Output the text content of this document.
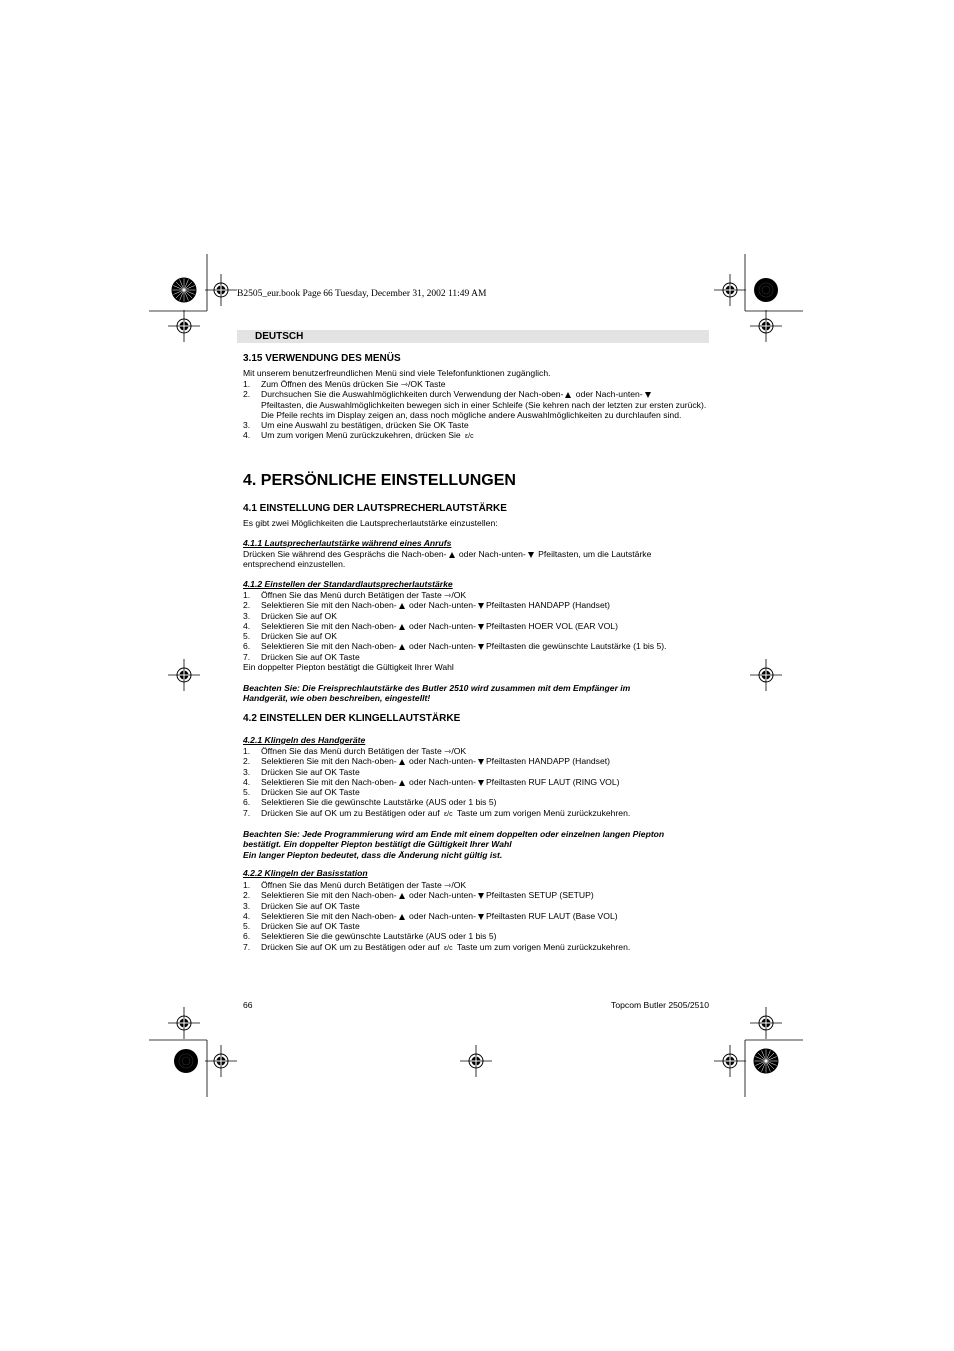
B2505_eur.book Page 66 Tuesday, December 31, 2002 11:49 AM
DEUTSCH
3.15 VERWENDUNG DES MENÜS
Mit unserem benutzerfreundlichen Menü sind viele Telefonfunktionen zugänglich.
1. Zum Öffnen des Menüs drücken Sie ⇾/OK Taste
2. Durchsuchen Sie die Auswahlmöglichkeiten durch Verwendung der Nach-oben- oder Nach-unten-
Pfeiltasten, die Auswahlmöglichkeiten bewegen sich in einer Schleife (Sie kehren nach der letzten zur ersten zurück). Die Pfeile rechts im Display zeigen an, dass noch mögliche andere Auswahlmöglichkeiten zu durchlaufen sind.
3. Um eine Auswahl zu bestätigen, drücken Sie OK Taste
4. Um zum vorigen Menü zurückzukehren, drücken Sie ε/c
4. PERSÖNLICHE EINSTELLUNGEN
4.1 EINSTELLUNG DER LAUTSPRECHERLAUTSTÄRKE
Es gibt zwei Möglichkeiten die Lautsprecherlautstärke einzustellen:
4.1.1 Lautsprecherlautstärke während eines Anrufs
Drücken Sie während des Gesprächs die Nach-oben- oder Nach-unten- Pfeiltasten, um die Lautstärke
entsprechend einzustellen.
4.1.2 Einstellen der Standardlautsprecherlautstärke
1. Öffnen Sie das Menü durch Betätigen der Taste ⇾/OK
2. Selektieren Sie mit den Nach-oben- oder Nach-unten- Pfeiltasten HANDAPP (Handset)
3. Drücken Sie auf OK
4. Selektieren Sie mit den Nach-oben- oder Nach-unten- Pfeiltasten HOER VOL (EAR VOL)
5. Drücken Sie auf OK
6. Selektieren Sie mit den Nach-oben- oder Nach-unten- Pfeiltasten die gewünschte Lautstärke (1 bis 5).
7. Drücken Sie auf OK Taste
Ein doppelter Piepton bestätigt die Gültigkeit Ihrer Wahl
Beachten Sie: Die Freisprechlautstärke des Butler 2510 wird zusammen mit dem Empfänger im
Handgerät, wie oben beschreiben, eingestellt!
4.2 EINSTELLEN DER KLINGELLAUTSTÄRKE
4.2.1 Klingeln des Handgeräte
1. Öffnen Sie das Menü durch Betätigen der Taste ⇾/OK
2. Selektieren Sie mit den Nach-oben- oder Nach-unten- Pfeiltasten HANDAPP (Handset)
3. Drücken Sie auf OK Taste
4. Selektieren Sie mit den Nach-oben- oder Nach-unten- Pfeiltasten RUF LAUT (RING VOL)
5. Drücken Sie auf OK Taste
6. Selektieren Sie die gewünschte Lautstärke (AUS oder 1 bis 5)
7. Drücken Sie auf OK um zu Bestätigen oder auf ε/c Taste um zum vorigen Menü zurückzukehren.
Beachten Sie: Jede Programmierung wird am Ende mit einem doppelten oder einzelnen langen Piepton
bestätigt. Ein doppelter Piepton bestätigt die Gültigkeit Ihrer Wahl
Ein langer Piepton bedeutet, dass die Änderung nicht gültig ist.
4.2.2 Klingeln der Basisstation
1. Öffnen Sie das Menü durch Betätigen der Taste ⇾/OK
2. Selektieren Sie mit den Nach-oben- oder Nach-unten- Pfeiltasten SETUP (SETUP)
3. Drücken Sie auf OK Taste
4. Selektieren Sie mit den Nach-oben- oder Nach-unten- Pfeiltasten RUF LAUT (Base VOL)
5. Drücken Sie auf OK Taste
6. Selektieren Sie die gewünschte Lautstärke (AUS oder 1 bis 5)
7. Drücken Sie auf OK um zu Bestätigen oder auf ε/c Taste um zum vorigen Menü zurückzukehren.
66	Topcom Butler 2505/2510
